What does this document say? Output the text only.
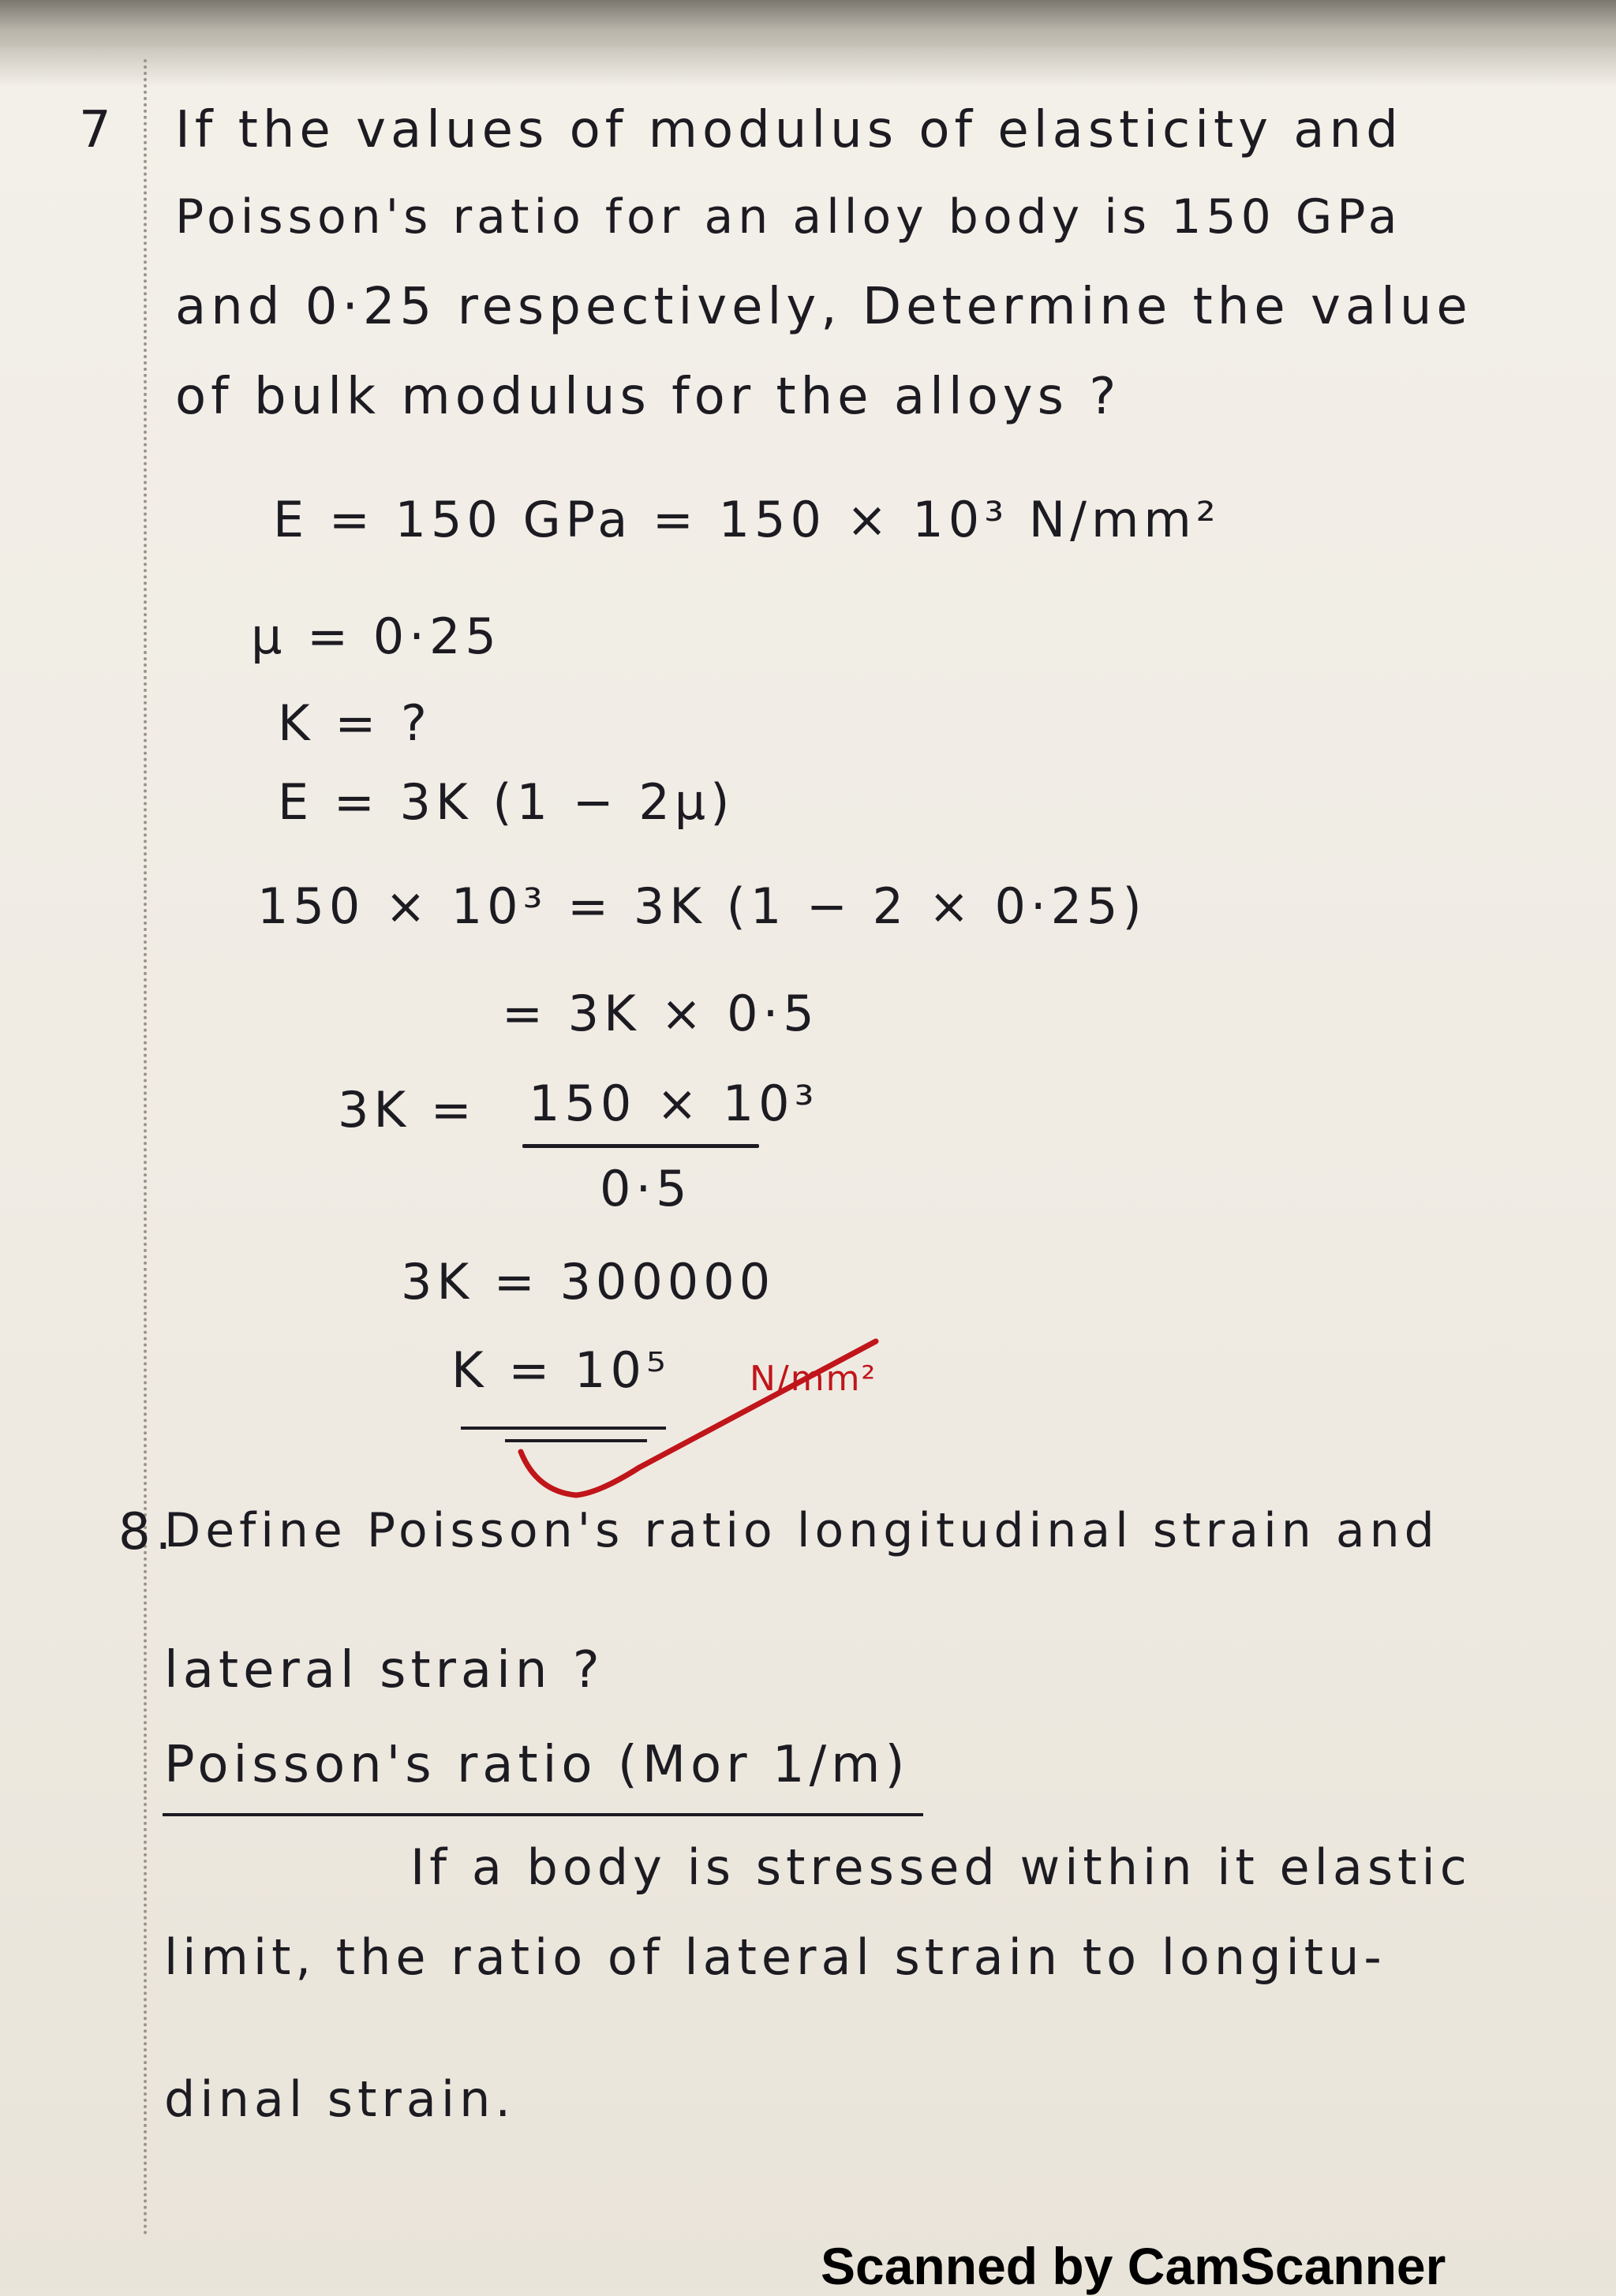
7 If the values of modulus of elasticity and

Poisson's ratio for an alloy body is 150 GPa

and 0·25 respectively, Determine the value

of bulk modulus for the alloys ?

E = 150 GPa = 150 × 10³ N/mm²

μ = 0·25

K = ?

E = 3K (1 − 2μ)

150 × 10³ = 3K (1 − 2 × 0·25)

= 3K × 0·5

3K = 150 × 10³

0·5

3K = 300000

K = 10⁵ N/mm²

8.

Define Poisson's ratio longitudinal strain and

lateral strain ?

Poisson's ratio (Mor 1/m)

If a body is stressed within it elastic

limit, the ratio of lateral strain to longitu-

dinal strain.

Scanned by CamScanner
